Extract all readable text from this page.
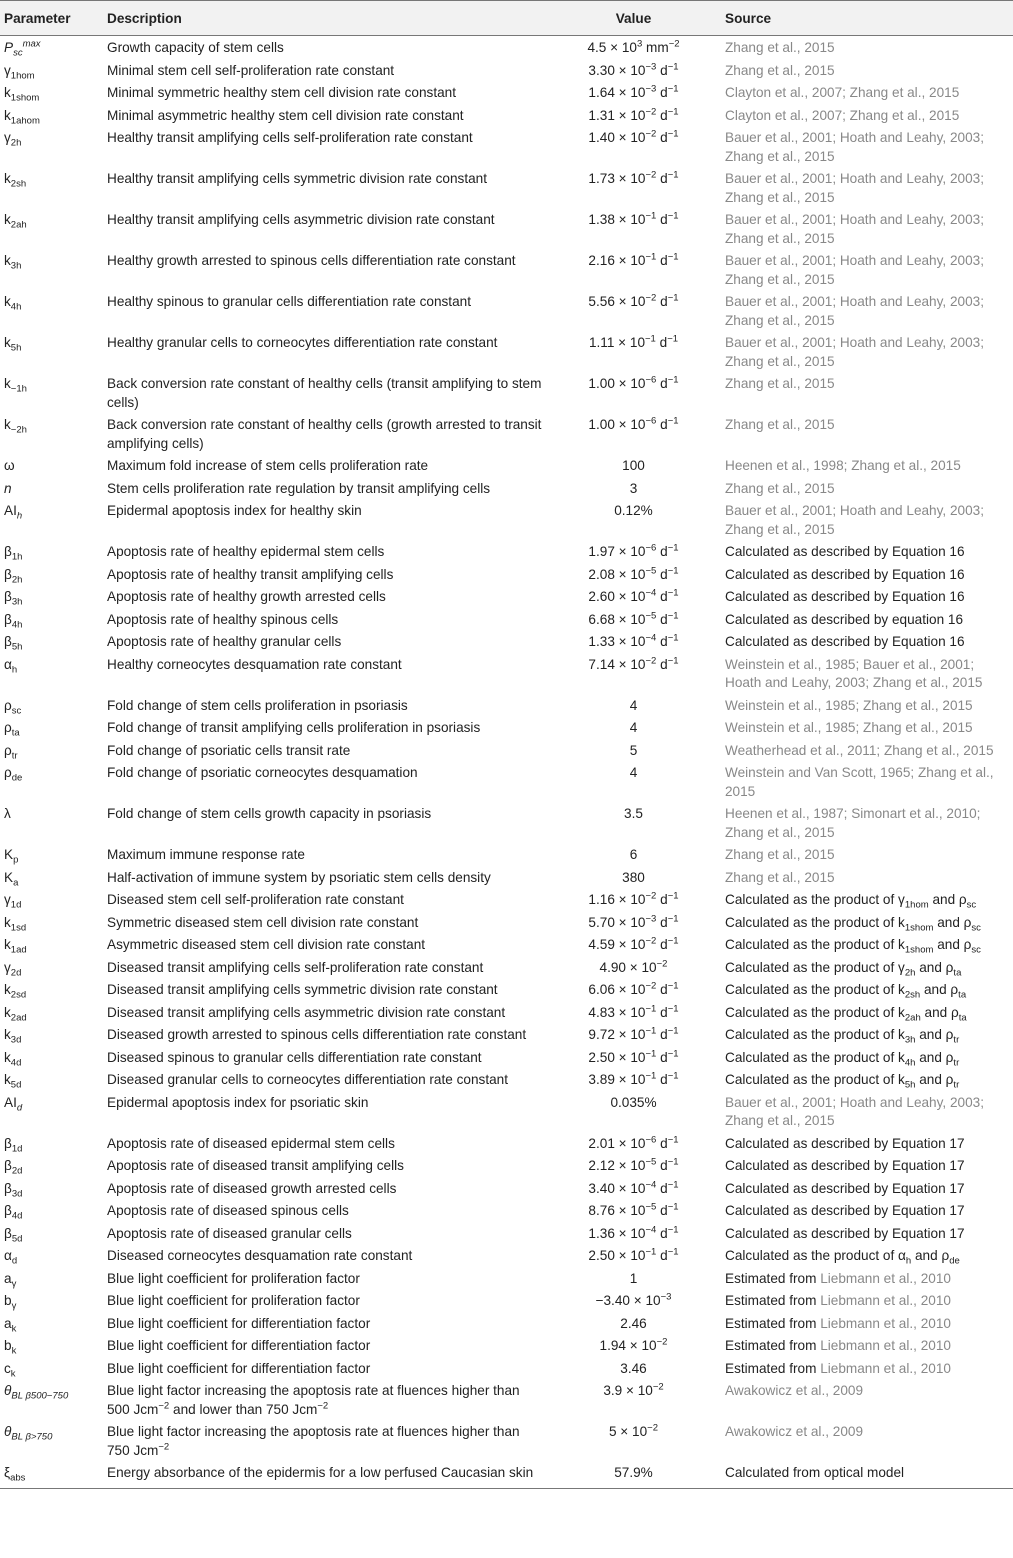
Parameter	Description	Value	Source
$P_{sc}^{max}$	Growth capacity of stem cells	$4.5 \times 10^3$ $mm^{-2}$	Zhang et al., 2015
$\gamma_{1hom}$	Minimal stem cell self-proliferation rate constant	$3.30 \times 10^{-3}$ $d^{-1}$	Zhang et al., 2015
$k_{1shom}$	Minimal symmetric healthy stem cell division rate constant	$1.64 \times 10^{-3}$ $d^{-1}$	Clayton et al., 2007; Zhang et al., 2015
$k_{1ahom}$	Minimal asymmetric healthy stem cell division rate constant	$1.31 \times 10^{-2}$ $d^{-1}$	Clayton et al., 2007; Zhang et al., 2015
$\gamma_{2h}$	Healthy transit amplifying cells self-proliferation rate constant	$1.40 \times 10^{-2}$ $d^{-1}$	Bauer et al., 2001; Hoath and Leahy, 2003; Zhang et al., 2015
$k_{2sh}$	Healthy transit amplifying cells symmetric division rate constant	$1.73 \times 10^{-2}$ $d^{-1}$	Bauer et al., 2001; Hoath and Leahy, 2003; Zhang et al., 2015
$k_{2ah}$	Healthy transit amplifying cells asymmetric division rate constant	$1.38 \times 10^{-1}$ $d^{-1}$	Bauer et al., 2001; Hoath and Leahy, 2003; Zhang et al., 2015
$k_{3h}$	Healthy growth arrested to spinous cells differentiation rate constant	$2.16 \times 10^{-1}$ $d^{-1}$	Bauer et al., 2001; Hoath and Leahy, 2003; Zhang et al., 2015
$k_{4h}$	Healthy spinous to granular cells differentiation rate constant	$5.56 \times 10^{-2}$ $d^{-1}$	Bauer et al., 2001; Hoath and Leahy, 2003; Zhang et al., 2015
$k_{5h}$	Healthy granular cells to corneocytes differentiation rate constant	$1.11 \times 10^{-1}$ $d^{-1}$	Bauer et al., 2001; Hoath and Leahy, 2003; Zhang et al., 2015
$k_{-1h}$	Back conversion rate constant of healthy cells (transit amplifying to stem cells)	$1.00 \times 10^{-6}$ $d^{-1}$	Zhang et al., 2015
$k_{-2h}$	Back conversion rate constant of healthy cells (growth arrested to transit amplifying cells)	$1.00 \times 10^{-6}$ $d^{-1}$	Zhang et al., 2015
ω	Maximum fold increase of stem cells proliferation rate	100	Heenen et al., 1998; Zhang et al., 2015
n	Stem cells proliferation rate regulation by transit amplifying cells	3	Zhang et al., 2015
$AI_h$	Epidermal apoptosis index for healthy skin	0.12%	Bauer et al., 2001; Hoath and Leahy, 2003; Zhang et al., 2015
$\beta_{1h}$	Apoptosis rate of healthy epidermal stem cells	$1.97 \times 10^{-6}$ $d^{-1}$	Calculated as described by Equation 16
$\beta_{2h}$	Apoptosis rate of healthy transit amplifying cells	$2.08 \times 10^{-5}$ $d^{-1}$	Calculated as described by Equation 16
$\beta_{3h}$	Apoptosis rate of healthy growth arrested cells	$2.60 \times 10^{-4}$ $d^{-1}$	Calculated as described by Equation 16
$\beta_{4h}$	Apoptosis rate of healthy spinous cells	$6.68 \times 10^{-5}$ $d^{-1}$	Calculated as described by equation 16
$\beta_{5h}$	Apoptosis rate of healthy granular cells	$1.33 \times 10^{-4}$ $d^{-1}$	Calculated as described by Equation 16
$\alpha_h$	Healthy corneocytes desquamation rate constant	$7.14 \times 10^{-2}$ $d^{-1}$	Weinstein et al., 1985; Bauer et al., 2001; Hoath and Leahy, 2003; Zhang et al., 2015
$\rho_{sc}$	Fold change of stem cells proliferation in psoriasis	4	Weinstein et al., 1985; Zhang et al., 2015
$\rho_{ta}$	Fold change of transit amplifying cells proliferation in psoriasis	4	Weinstein et al., 1985; Zhang et al., 2015
$\rho_{tr}$	Fold change of psoriatic cells transit rate	5	Weatherhead et al., 2011; Zhang et al., 2015
$\rho_{de}$	Fold change of psoriatic corneocytes desquamation	4	Weinstein and Van Scott, 1965; Zhang et al., 2015
λ	Fold change of stem cells growth capacity in psoriasis	3.5	Heenen et al., 1987; Simonart et al., 2010; Zhang et al., 2015
$K_p$	Maximum immune response rate	6	Zhang et al., 2015
$K_a$	Half-activation of immune system by psoriatic stem cells density	380	Zhang et al., 2015
$\gamma_{1d}$	Diseased stem cell self-proliferation rate constant	$1.16 \times 10^{-2}$ $d^{-1}$	Calculated as the product of $\gamma_{1hom}$ and $\rho_{sc}$
$k_{1sd}$	Symmetric diseased stem cell division rate constant	$5.70 \times 10^{-3}$ $d^{-1}$	Calculated as the product of $k_{1shom}$ and $\rho_{sc}$
$k_{1ad}$	Asymmetric diseased stem cell division rate constant	$4.59 \times 10^{-2}$ $d^{-1}$	Calculated as the product of $k_{1shom}$ and $\rho_{sc}$
$\gamma_{2d}$	Diseased transit amplifying cells self-proliferation rate constant	$4.90 \times 10^{-2}$	Calculated as the product of $\gamma_{2h}$ and $\rho_{ta}$
$k_{2sd}$	Diseased transit amplifying cells symmetric division rate constant	$6.06 \times 10^{-2}$ $d^{-1}$	Calculated as the product of $k_{2sh}$ and $\rho_{ta}$
$k_{2ad}$	Diseased transit amplifying cells asymmetric division rate constant	$4.83 \times 10^{-1}$ $d^{-1}$	Calculated as the product of $k_{2ah}$ and $\rho_{ta}$
$k_{3d}$	Diseased growth arrested to spinous cells differentiation rate constant	$9.72 \times 10^{-1}$ $d^{-1}$	Calculated as the product of $k_{3h}$ and $\rho_{tr}$
$k_{4d}$	Diseased spinous to granular cells differentiation rate constant	$2.50 \times 10^{-1}$ $d^{-1}$	Calculated as the product of $k_{4h}$ and $\rho_{tr}$
$k_{5d}$	Diseased granular cells to corneocytes differentiation rate constant	$3.89 \times 10^{-1}$ $d^{-1}$	Calculated as the product of $k_{5h}$ and $\rho_{tr}$
$AI_d$	Epidermal apoptosis index for psoriatic skin	0.035%	Bauer et al., 2001; Hoath and Leahy, 2003; Zhang et al., 2015
$\beta_{1d}$	Apoptosis rate of diseased epidermal stem cells	$2.01 \times 10^{-6}$ $d^{-1}$	Calculated as described by Equation 17
$\beta_{2d}$	Apoptosis rate of diseased transit amplifying cells	$2.12 \times 10^{-5}$ $d^{-1}$	Calculated as described by Equation 17
$\beta_{3d}$	Apoptosis rate of diseased growth arrested cells	$3.40 \times 10^{-4}$ $d^{-1}$	Calculated as described by Equation 17
$\beta_{4d}$	Apoptosis rate of diseased spinous cells	$8.76 \times 10^{-5}$ $d^{-1}$	Calculated as described by Equation 17
$\beta_{5d}$	Apoptosis rate of diseased granular cells	$1.36 \times 10^{-4}$ $d^{-1}$	Calculated as described by Equation 17
$\alpha_d$	Diseased corneocytes desquamation rate constant	$2.50 \times 10^{-1}$ $d^{-1}$	Calculated as the product of $\alpha_h$ and $\rho_{de}$
$a_\gamma$	Blue light coefficient for proliferation factor	1	Estimated from Liebmann et al., 2010
$b_\gamma$	Blue light coefficient for proliferation factor	$-3.40 \times 10^{-3}$	Estimated from Liebmann et al., 2010
$a_k$	Blue light coefficient for differentiation factor	2.46	Estimated from Liebmann et al., 2010
$b_k$	Blue light coefficient for differentiation factor	$1.94 \times 10^{-2}$	Estimated from Liebmann et al., 2010
$c_k$	Blue light coefficient for differentiation factor	3.46	Estimated from Liebmann et al., 2010
$\theta_{BL \beta 500-750}$	Blue light factor increasing the apoptosis rate at fluences higher than 500 Jcm$^{-2}$ and lower than 750 Jcm$^{-2}$	$3.9 \times 10^{-2}$	Awakowicz et al., 2009
$\theta_{BL \beta>750}$	Blue light factor increasing the apoptosis rate at fluences higher than 750 Jcm$^{-2}$	$5 \times 10^{-2}$	Awakowicz et al., 2009
$\xi_{abs}$	Energy absorbance of the epidermis for a low perfused Caucasian skin	57.9%	Calculated from optical model
